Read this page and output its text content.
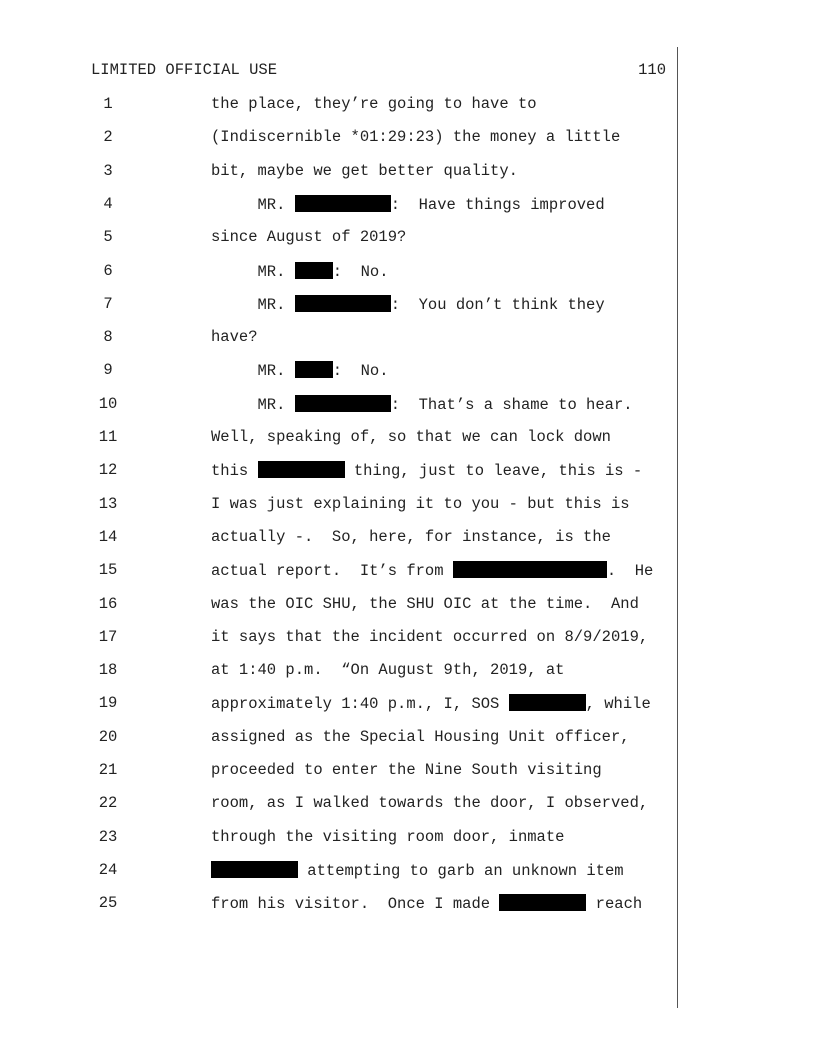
LIMITED OFFICIAL USE	110
1	the place, they’re going to have to
2	(Indiscernible *01:29:23) the money a little
3	bit, maybe we get better quality.
4	MR.	:  Have things improved
5	since August of 2019?
6	MR. :  No.
7	MR.	:  You don’t think they
8	have?
9	MR. :  No.
10	MR.	:  That’s a shame to hear.
11	Well, speaking of, so that we can lock down
12	this	thing, just to leave, this is -
13	I was just explaining it to you - but this is
14	actually -.  So, here, for instance, is the
15	actual report.  It’s from	.  He
16	was the OIC SHU, the SHU OIC at the time.  And
17	it says that the incident occurred on 8/9/2019,
18	at 1:40 p.m.  “On August 9th, 2019, at
19	approximately 1:40 p.m., I, SOS	, while
20	assigned as the Special Housing Unit officer,
21	proceeded to enter the Nine South visiting
22	room, as I walked towards the door, I observed,
23	through the visiting room door, inmate
24	attempting to garb an unknown item
25	from his visitor.  Once I made	reach
